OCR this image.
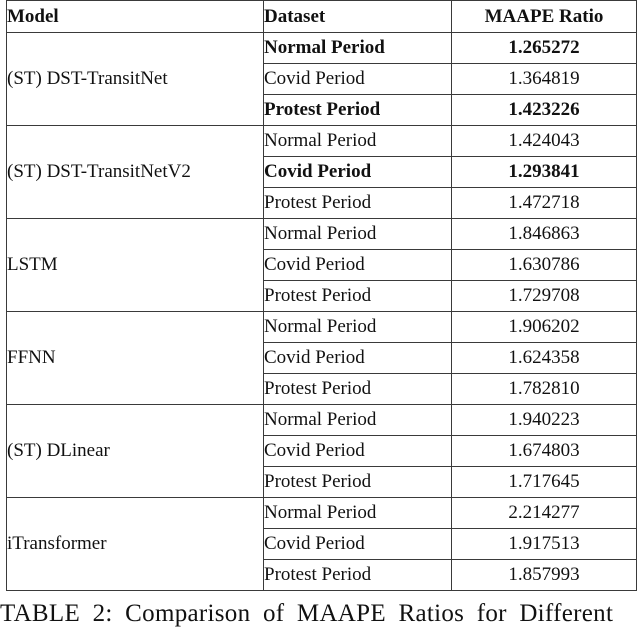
Model	Dataset	MAAPE Ratio
(ST) DST-TransitNet	Normal Period	1.265272
	Covid Period	1.364819
	Protest Period	1.423226
(ST) DST-TransitNetV2	Normal Period	1.424043
	Covid Period	1.293841
	Protest Period	1.472718
LSTM	Normal Period	1.846863
	Covid Period	1.630786
	Protest Period	1.729708
FFNN	Normal Period	1.906202
	Covid Period	1.624358
	Protest Period	1.782810
(ST) DLinear	Normal Period	1.940223
	Covid Period	1.674803
	Protest Period	1.717645
iTransformer	Normal Period	2.214277
	Covid Period	1.917513
	Protest Period	1.857993
TABLE 2: Comparison of MAAPE Ratios for Different
